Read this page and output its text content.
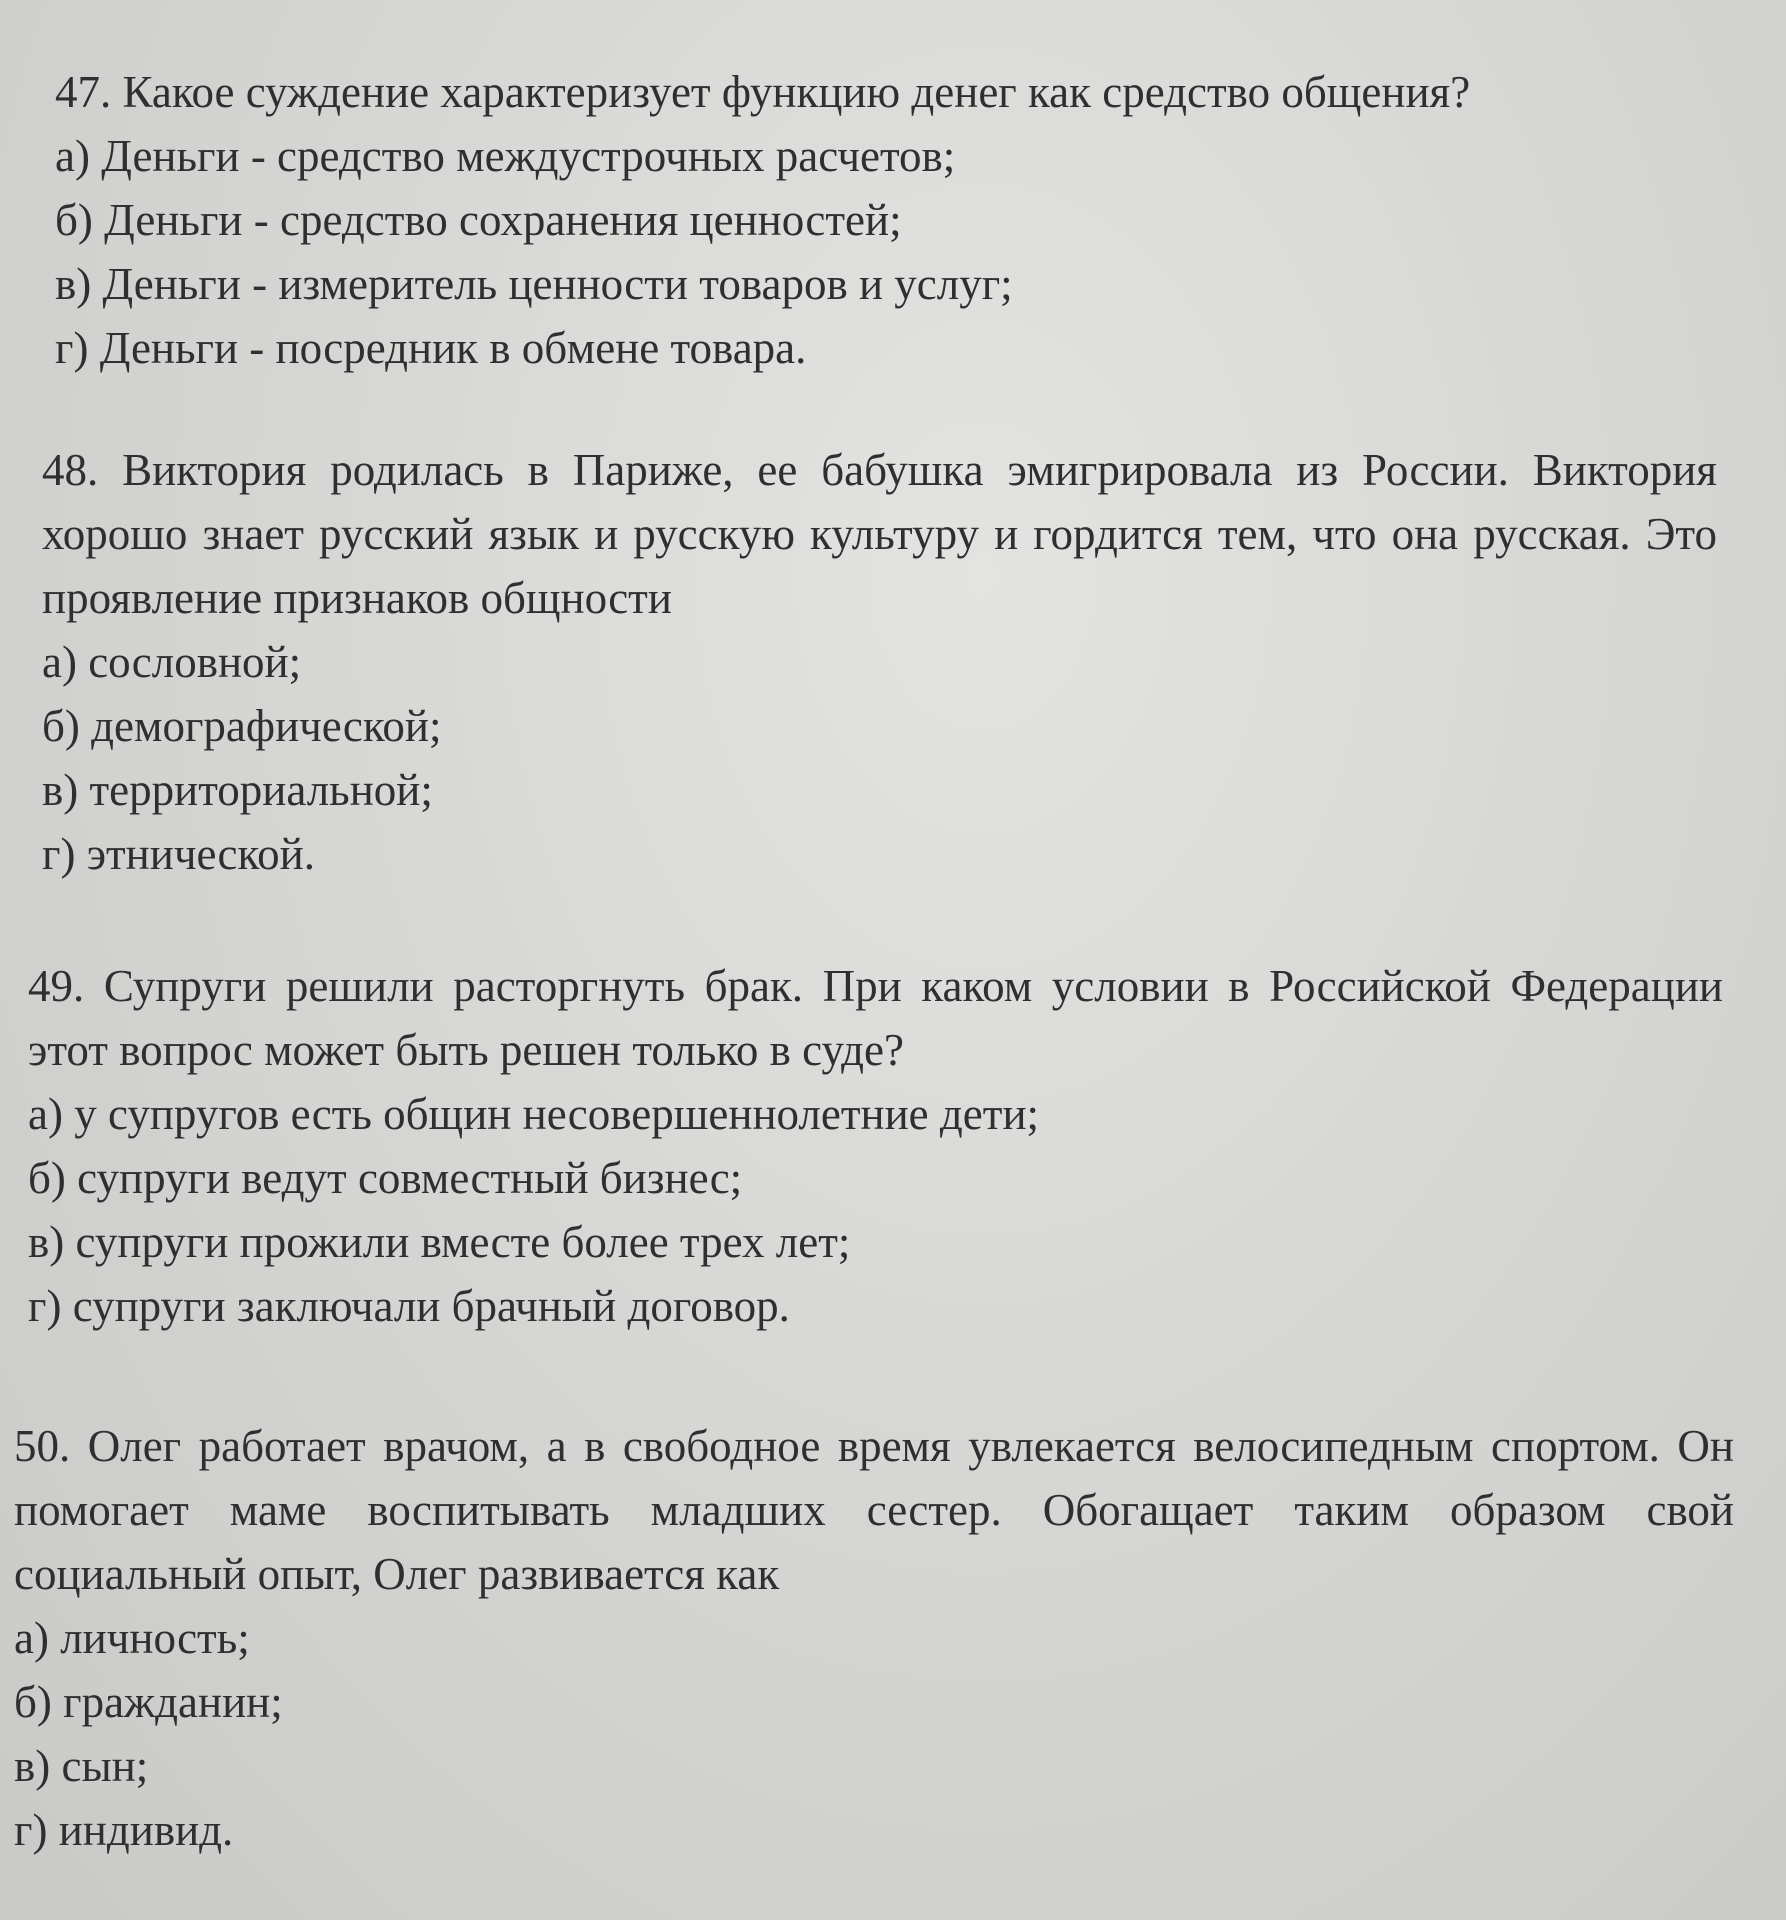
47. Какое суждение характеризует функцию денег как средство общения?
а) Деньги - средство междустрочных расчетов;
б) Деньги - средство сохранения ценностей;
в) Деньги - измеритель ценности товаров и услуг;
г) Деньги - посредник в обмене товара.
48. Виктория родилась в Париже, ее бабушка эмигрировала из России. Виктория хорошо знает русский язык и русскую культуру и гордится тем, что она русская. Это проявление признаков общности
а) сословной;
б) демографической;
в) территориальной;
г) этнической.
49. Супруги решили расторгнуть брак. При каком условии в Российской Федерации этот вопрос может быть решен только в суде?
а) у супругов есть общин несовершеннолетние дети;
б) супруги ведут совместный бизнес;
в) супруги прожили вместе более трех лет;
г) супруги заключали брачный договор.
50. Олег работает врачом, а в свободное время увлекается велосипедным спортом. Он помогает маме воспитывать младших сестер. Обогащает таким образом свой социальный опыт, Олег развивается как
а) личность;
б) гражданин;
в) сын;
г) индивид.
